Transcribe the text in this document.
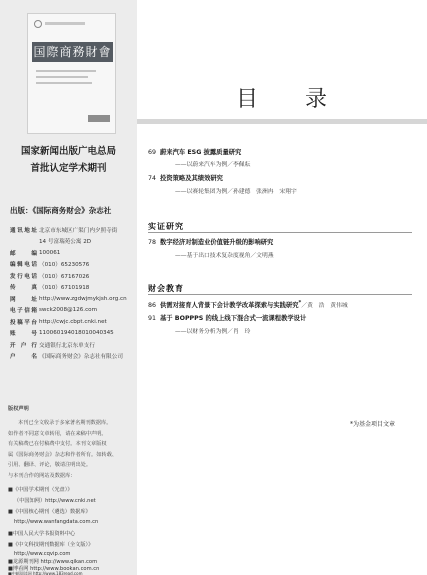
国際商務財會
国家新闻出版广电总局
首批认定学术期刊
出版：《国际商务财会》杂志社
通讯地址 北京市东城区广渠门内夕照寺街
14 号富瑞苑公寓 2D
邮　　编 100061
编辑电话 （010）65230576
发行电话 （010）67167026
传　　真 （010）67101918
网　　址 http://www.zgdwjmykjsh.org.cn
电子信箱 swck2008@126.com
投稿平台 http://cwjc.cbpt.cnki.net
账　　号 110060194018010040345
开 户 行 交通银行北京东单支行
户　　名 《国际商务财会》杂志社有限公司
版权声明
本刊已全文收录于多家著名期刊数据库。
如作者不同意文章转用，请在来稿中声明。
有关稿费已在付稿费中支付。本刊文章版权
属《国际商务财会》杂志和作者所有。如转载、
引用、翻译、评论，敬请注明出处。
与本刊合作的网站及数据库：
■《中国学术期刊（光盘）》
（中国知网）http://www.cnki.net
■《中国核心期刊（遴选）数据库》
http://www.wanfangdata.com.cn
■中国人民大学书报资料中心
■《中文科技期刊数据库（全文版）》
http://www.cqvip.com
■龙源期刊网 http://www.qikan.com
■博看网 http://www.bookan.com.cn
■中邮阅读网 http://www.183read.com
目 录
69 蔚来汽车 ESG 披露质量研究
——以蔚来汽车为例／李佩耘
74 投资策略及其绩效研究
——以赛轮集团为例／孙建德　张洲冉　宋翔宇
实证研究
78 数字经济对制造业价值链升级的影响研究
——基于出口技术复杂度视角／文明燕
财会教育
86 供需对接育人背景下会计教学改革探索与实践研究*／黄　浩　黄伟城
91 基于 BOPPPS 的线上线下混合式一流课程教学设计
——以财务分析为例／肖　玲
*为基金项目文章
